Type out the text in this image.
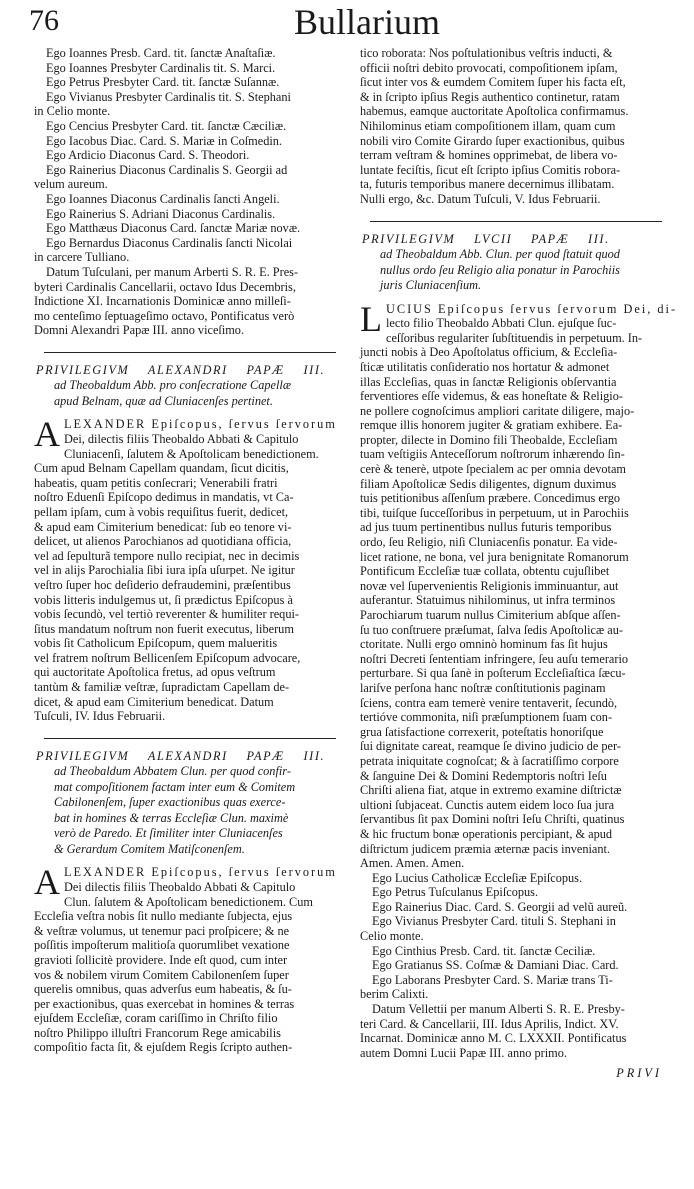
76	Bullarium
Ego Ioannes Presb. Card. tit. ſanctæ Anaſtaſiæ.
Ego Ioannes Presbyter Cardinalis tit. S. Marci.
Ego Petrus Presbyter Card. tit. ſanctæ Suſannæ.
Ego Vivianus Presbyter Cardinalis tit. S. Stephani
in Celio monte.
Ego Cencius Presbyter Card. tit. ſanctæ Cæciliæ.
Ego Iacobus Diac. Card. S. Mariæ in Coſmedin.
Ego Ardicio Diaconus Card. S. Theodori.
Ego Rainerius Diaconus Cardinalis S. Georgii ad
velum aureum.
Ego Ioannes Diaconus Cardinalis ſancti Angeli.
Ego Rainerius S. Adriani Diaconus Cardinalis.
Ego Matthæus Diaconus Card. ſanctæ Mariæ novæ.
Ego Bernardus Diaconus Cardinalis ſancti Nicolai
in carcere Tulliano.
Datum Tuſculani, per manum Arberti S. R. E. Pres-
byteri Cardinalis Cancellarii, octavo Idus Decembris,
Indictione XI. Incarnationis Dominicæ anno milleſi-
mo centeſimo ſeptuageſimo octavo, Pontificatus verò
Domni Alexandri Papæ III. anno viceſimo.
PRIVILEGIVM ALEXANDRI PAPÆ III.
ad Theobaldum Abb. pro conſecratione Capellæ
apud Belnam, quæ ad Cluniacenſes pertinet.
A LEXANDER Epiſcopus, ſervus ſervorum
Dei, dilectis filiis Theobaldo Abbati & Capitulo
Cluniacenſi, ſalutem & Apoſtolicam benedictionem.
Cum apud Belnam Capellam quandam, ſicut dicitis,
habeatis, quam petitis conſecrari; Venerabili fratri
noſtro Eduenſi Epiſcopo dedimus in mandatis, vt Ca-
pellam ipſam, cum à vobis requiſitus fuerit, dedicet,
& apud eam Cimiterium benedicat: ſub eo tenore vi-
delicet, ut alienos Parochianos ad quotidiana officia,
vel ad ſepulturã tempore nullo recipiat, nec in decimis
vel in alijs Parochialia ſibi iura ipſa uſurpet. Ne igitur
veſtro ſuper hoc deſiderio defraudemini, præſentibus
vobis litteris indulgemus ut, ſi prædictus Epiſcopus à
vobis ſecundò, vel tertiò reverenter & humiliter requi-
ſitus mandatum noſtrum non fuerit executus, liberum
vobis ſit Catholicum Epiſcopum, quem malueritis
vel fratrem noſtrum Bellicenſem Epiſcopum advocare,
qui auctoritate Apoſtolica fretus, ad opus veſtrum
tantùm & familiæ veſtræ, ſupradictam Capellam de-
dicet, & apud eam Cimiterium benedicat. Datum
Tuſculi, IV. Idus Februarii.
PRIVILEGIVM ALEXANDRI PAPÆ III.
ad Theobaldum Abbatem Clun. per quod confir-
mat compoſitionem factam inter eum & Comitem
Cabilonenſem, ſuper exactionibus quas exerce-
bat in homines & terras Eccleſiæ Clun. maximè
verò de Paredo. Et ſimiliter inter Cluniacenſes
& Gerardum Comitem Matiſconenſem.
A LEXANDER Epiſcopus, ſervus ſervorum
Dei dilectis filiis Theobaldo Abbati & Capitulo
Clun. ſalutem & Apoſtolicam benedictionem. Cum
Eccleſia veſtra nobis ſit nullo mediante ſubjecta, ejus
& veſtræ volumus, ut tenemur paci proſpicere; & ne
poſſitis impoſterum malitioſa quorumlibet vexatione
gravioti ſollicitè providere. Inde eſt quod, cum inter
vos & nobilem virum Comitem Cabilonenſem ſuper
querelis omnibus, quas adverſus eum habeatis, & ſu-
per exactionibus, quas exercebat in homines & terras
ejuſdem Eccleſiæ, coram cariſſimo in Chriſto filio
noſtro Philippo illuſtri Francorum Rege amicabilis
compoſitio facta ſit, & ejuſdem Regis ſcripto authen-
tico roborata: Nos poſtulationibus veſtris inducti, &
officii noſtri debito provocati, compoſitionem ipſam,
ſicut inter vos & eumdem Comitem ſuper his facta eſt,
& in ſcripto ipſius Regis authentico continetur, ratam
habemus, eamque auctoritate Apoſtolica confirmamus.
Nihilominus etiam compoſitionem illam, quam cum
nobili viro Comite Girardo ſuper exactionibus, quibus
terram veſtram & homines opprimebat, de libera vo-
luntate feciſtis, ſicut eſt ſcripto ipſius Comitis robora-
ta, futuris temporibus manere decernimus illibatam.
Nulli ergo, &c. Datum Tuſculi, V. Idus Februarii.
PRIVILEGIVM LVCII PAPÆ III.
ad Theobaldum Abb. Clun. per quod ſtatuit quod
nullus ordo ſeu Religio alia ponatur in Parochiis
juris Cluniacenſium.
L UCIUS Epiſcopus ſervus ſervorum Dei, di-
lecto filio Theobaldo Abbati Clun. ejuſque ſuc-
ceſſoribus regulariter ſubſtituendis in perpetuum. In-
juncti nobis à Deo Apoſtolatus officium, & Eccleſia-
ſticæ utilitatis conſideratio nos hortatur & admonet
illas Eccleſias, quas in ſanctæ Religionis obſervantia
ferventiores eſſe videmus, & eas honeſtate & Religio-
ne pollere cognoſcimus ampliori caritate diligere, majo-
remque illis honorem jugiter & gratiam exhibere. Ea-
propter, dilecte in Domino fili Theobalde, Eccleſiam
tuam veſtigiis Anteceſſorum noſtrorum inhærendo ſin-
cerè & tenerè, utpote ſpecialem ac per omnia devotam
filiam Apoſtolicæ Sedis diligentes, dignum duximus
tuis petitionibus aſſenſum præbere. Concedimus ergo
tibi, tuiſque ſucceſſoribus in perpetuum, ut in Parochiis
ad jus tuum pertinentibus nullus futuris temporibus
ordo, ſeu Religio, niſi Cluniacenſis ponatur. Ea vide-
licet ratione, ne bona, vel jura benignitate Romanorum
Pontificum Eccleſiæ tuæ collata, obtentu cujuſlibet
novæ vel ſupervenientis Religionis imminuantur, aut
auferantur. Statuimus nihilominus, ut infra terminos
Parochiarum tuarum nullus Cimiterium abſque aſſen-
ſu tuo conſtruere præſumat, ſalva ſedis Apoſtolicæ au-
ctoritate. Nulli ergo omninò hominum fas ſit hujus
noſtri Decreti ſententiam infringere, ſeu auſu temerario
perturbare. Si qua ſanè in poſterum Eccleſiaſtica ſæcu-
lariſve perſona hanc noſtræ conſtitutionis paginam
ſciens, contra eam temerè venire tentaverit, ſecundò,
tertióve commonita, niſi præſumptionem ſuam con-
grua ſatisfactione correxerit, poteſtatis honoriſque
ſui dignitate careat, reamque ſe divino judicio de per-
petrata iniquitate cognoſcat; & à ſacratiſſimo corpore
& ſanguine Dei & Domini Redemptoris noſtri Ieſu
Chriſti aliena fiat, atque in extremo examine diſtrictæ
ultioni ſubjaceat. Cunctis autem eidem loco ſua jura
ſervantibus ſit pax Domini noſtri Ieſu Chriſti, quatinus
& hic fructum bonæ operationis percipiant, & apud
diſtrictum judicem præmia æternæ pacis inveniant.
Amen. Amen. Amen.
Ego Lucius Catholicæ Eccleſiæ Epiſcopus.
Ego Petrus Tuſculanus Epiſcopus.
Ego Rainerius Diac. Card. S. Georgii ad velũ aureũ.
Ego Vivianus Presbyter Card. tituli S. Stephani in
Celio monte.
Ego Cinthius Presb. Card. tit. ſanctæ Ceciliæ.
Ego Gratianus SS. Coſmæ & Damiani Diac. Card.
Ego Laborans Presbyter Card. S. Mariæ trans Ti-
berim Calixti.
Datum Vellettii per manum Alberti S. R. E. Presby-
teri Card. & Cancellarii, III. Idus Aprilis, Indict. XV.
Incarnat. Dominicæ anno M. C. LXXXII. Pontificatus
autem Domni Lucii Papæ III. anno primo.
PRIVI
